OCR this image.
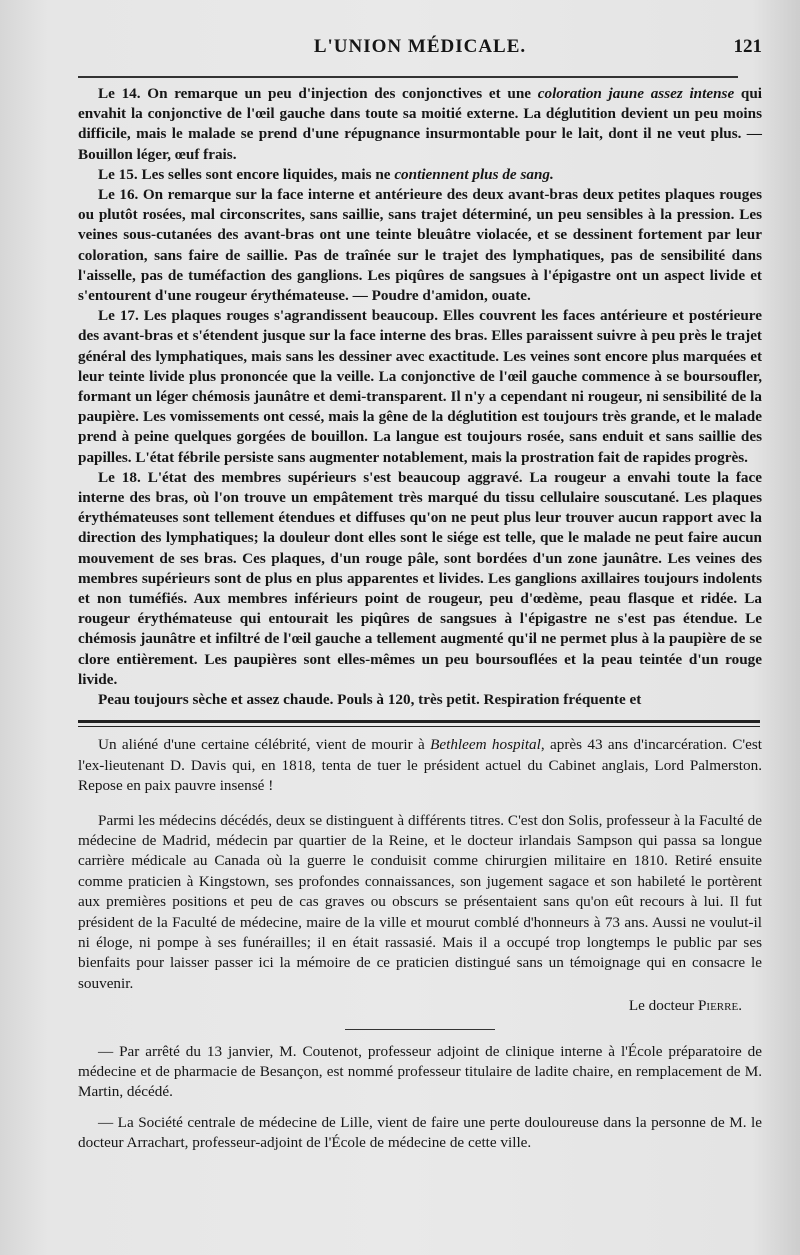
L'UNION MÉDICALE.	121

Le 14. On remarque un peu d'injection des conjonctives et une coloration jaune assez intense qui envahit la conjonctive de l'œil gauche dans toute sa moitié externe. La déglutition devient un peu moins difficile, mais le malade se prend d'une répugnance insurmontable pour le lait, dont il ne veut plus. — Bouillon léger, œuf frais.

Le 15. Les selles sont encore liquides, mais ne contiennent plus de sang.

Le 16. On remarque sur la face interne et antérieure des deux avant-bras deux petites plaques rouges ou plutôt rosées, mal circonscrites, sans saillie, sans trajet déterminé, un peu sensibles à la pression. Les veines sous-cutanées des avant-bras ont une teinte bleuâtre violacée, et se dessinent fortement par leur coloration, sans faire de saillie. Pas de traînée sur le trajet des lymphatiques, pas de sensibilité dans l'aisselle, pas de tuméfaction des ganglions. Les piqûres de sangsues à l'épigastre ont un aspect livide et s'entourent d'une rougeur érythémateuse. — Poudre d'amidon, ouate.

Le 17. Les plaques rouges s'agrandissent beaucoup. Elles couvrent les faces antérieure et postérieure des avant-bras et s'étendent jusque sur la face interne des bras. Elles paraissent suivre à peu près le trajet général des lymphatiques, mais sans les dessiner avec exactitude. Les veines sont encore plus marquées et leur teinte livide plus prononcée que la veille. La conjonctive de l'œil gauche commence à se boursoufler, formant un léger chémosis jaunâtre et demi-transparent. Il n'y a cependant ni rougeur, ni sensibilité de la paupière. Les vomissements ont cessé, mais la gêne de la déglutition est toujours très grande, et le malade prend à peine quelques gorgées de bouillon. La langue est toujours rosée, sans enduit et sans saillie des papilles. L'état fébrile persiste sans augmenter notablement, mais la prostration fait de rapides progrès.

Le 18. L'état des membres supérieurs s'est beaucoup aggravé. La rougeur a envahi toute la face interne des bras, où l'on trouve un empâtement très marqué du tissu cellulaire souscutané. Les plaques érythémateuses sont tellement étendues et diffuses qu'on ne peut plus leur trouver aucun rapport avec la direction des lymphatiques; la douleur dont elles sont le siége est telle, que le malade ne peut faire aucun mouvement de ses bras. Ces plaques, d'un rouge pâle, sont bordées d'un zone jaunâtre. Les veines des membres supérieurs sont de plus en plus apparentes et livides. Les ganglions axillaires toujours indolents et non tuméfiés. Aux membres inférieurs point de rougeur, peu d'œdème, peau flasque et ridée. La rougeur érythémateuse qui entourait les piqûres de sangsues à l'épigastre ne s'est pas étendue. Le chémosis jaunâtre et infiltré de l'œil gauche a tellement augmenté qu'il ne permet plus à la paupière de se clore entièrement. Les paupières sont elles-mêmes un peu boursouflées et la peau teintée d'un rouge livide.

Peau toujours sèche et assez chaude. Pouls à 120, très petit. Respiration fréquente et

Un aliéné d'une certaine célébrité, vient de mourir à Bethleem hospital, après 43 ans d'incarcération. C'est l'ex-lieutenant D. Davis qui, en 1818, tenta de tuer le président actuel du Cabinet anglais, Lord Palmerston. Repose en paix pauvre insensé !

Parmi les médecins décédés, deux se distinguent à différents titres. C'est don Solis, professeur à la Faculté de médecine de Madrid, médecin par quartier de la Reine, et le docteur irlandais Sampson qui passa sa longue carrière médicale au Canada où la guerre le conduisit comme chirurgien militaire en 1810. Retiré ensuite comme praticien à Kingstown, ses profondes connaissances, son jugement sagace et son habileté le portèrent aux premières positions et peu de cas graves ou obscurs se présentaient sans qu'on eût recours à lui. Il fut président de la Faculté de médecine, maire de la ville et mourut comblé d'honneurs à 73 ans. Aussi ne voulut-il ni éloge, ni pompe à ses funérailles; il en était rassasié. Mais il a occupé trop longtemps le public par ses bienfaits pour laisser passer ici la mémoire de ce praticien distingué sans un témoignage qui en consacre le souvenir.

Le docteur Pierre.

— Par arrêté du 13 janvier, M. Coutenot, professeur adjoint de clinique interne à l'École préparatoire de médecine et de pharmacie de Besançon, est nommé professeur titulaire de ladite chaire, en remplacement de M. Martin, décédé.

— La Société centrale de médecine de Lille, vient de faire une perte douloureuse dans la personne de M. le docteur Arrachart, professeur-adjoint de l'École de médecine de cette ville.
